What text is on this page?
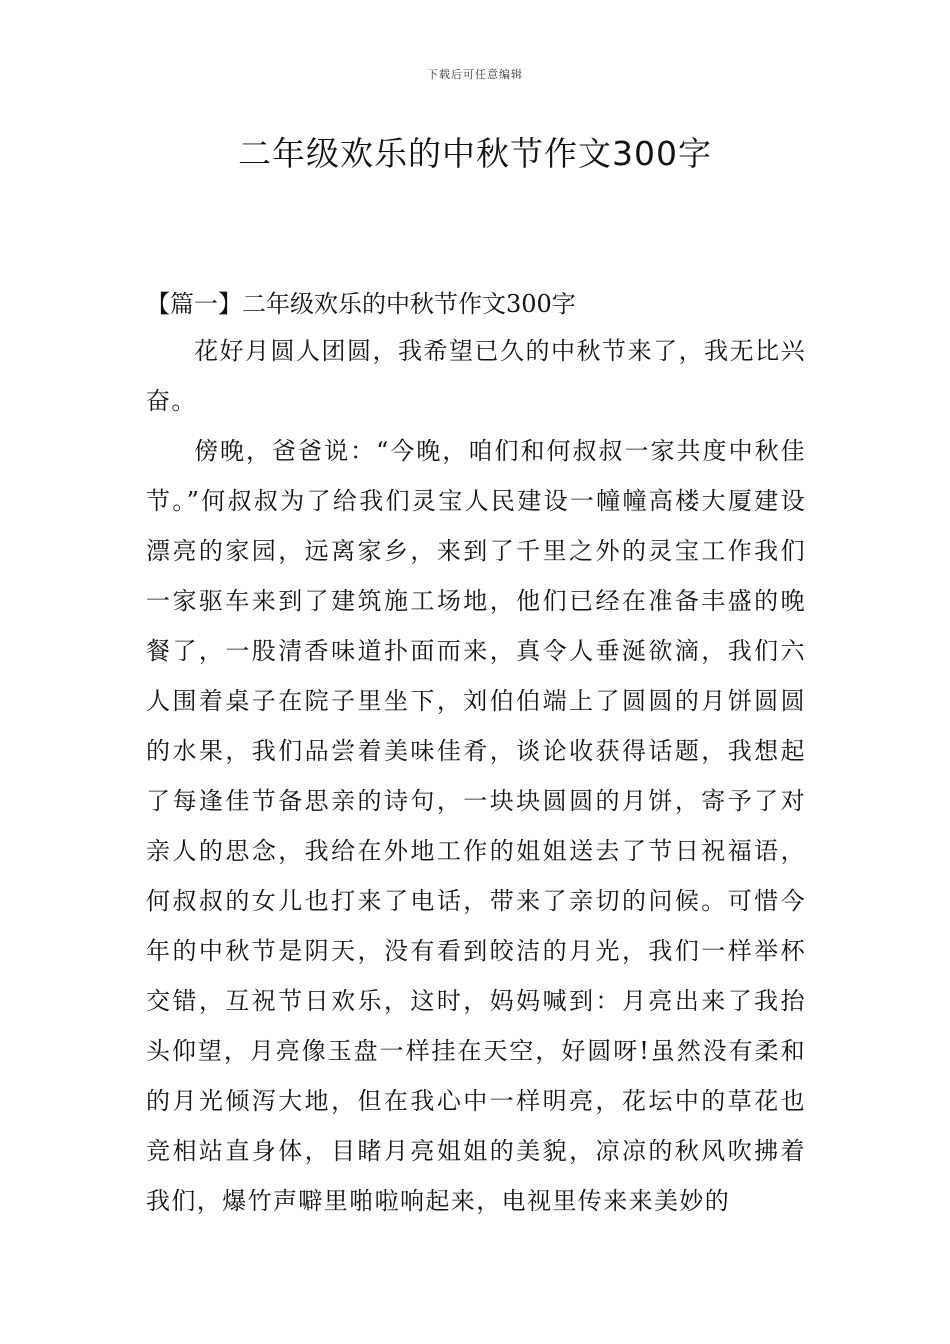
下载后可任意编辑
二年级欢乐的中秋节作文300字
【篇一】二年级欢乐的中秋节作文300字

花好月圆人团圆，我希望已久的中秋节来了，我无比兴奋。

傍晚，爸爸说：“今晚，咱们和何叔叔一家共度中秋佳节。”何叔叔为了给我们灵宝人民建设一幢幢高楼大厦建设漂亮的家园，远离家乡，来到了千里之外的灵宝工作我们一家驱车来到了建筑施工场地，他们已经在准备丰盛的晚餐了，一股清香味道扑面而来，真令人垂涎欲滴，我们六人围着桌子在院子里坐下，刘伯伯端上了圆圆的月饼圆圆的水果，我们品尝着美味佳肴，谈论收获得话题，我想起了每逢佳节备思亲的诗句，一块块圆圆的月饼，寄予了对亲人的思念，我给在外地工作的姐姐送去了节日祝福语，何叔叔的女儿也打来了电话，带来了亲切的问候。可惜今年的中秋节是阴天，没有看到皎洁的月光，我们一样举杯交错，互祝节日欢乐，这时，妈妈喊到：月亮出来了我抬头仰望，月亮像玉盘一样挂在天空，好圆呀!虽然没有柔和的月光倾泻大地，但在我心中一样明亮，花坛中的草花也竞相站直身体，目睹月亮姐姐的美貌，凉凉的秋风吹拂着我们，爆竹声噼里啪啦响起来，电视里传来来美妙的
